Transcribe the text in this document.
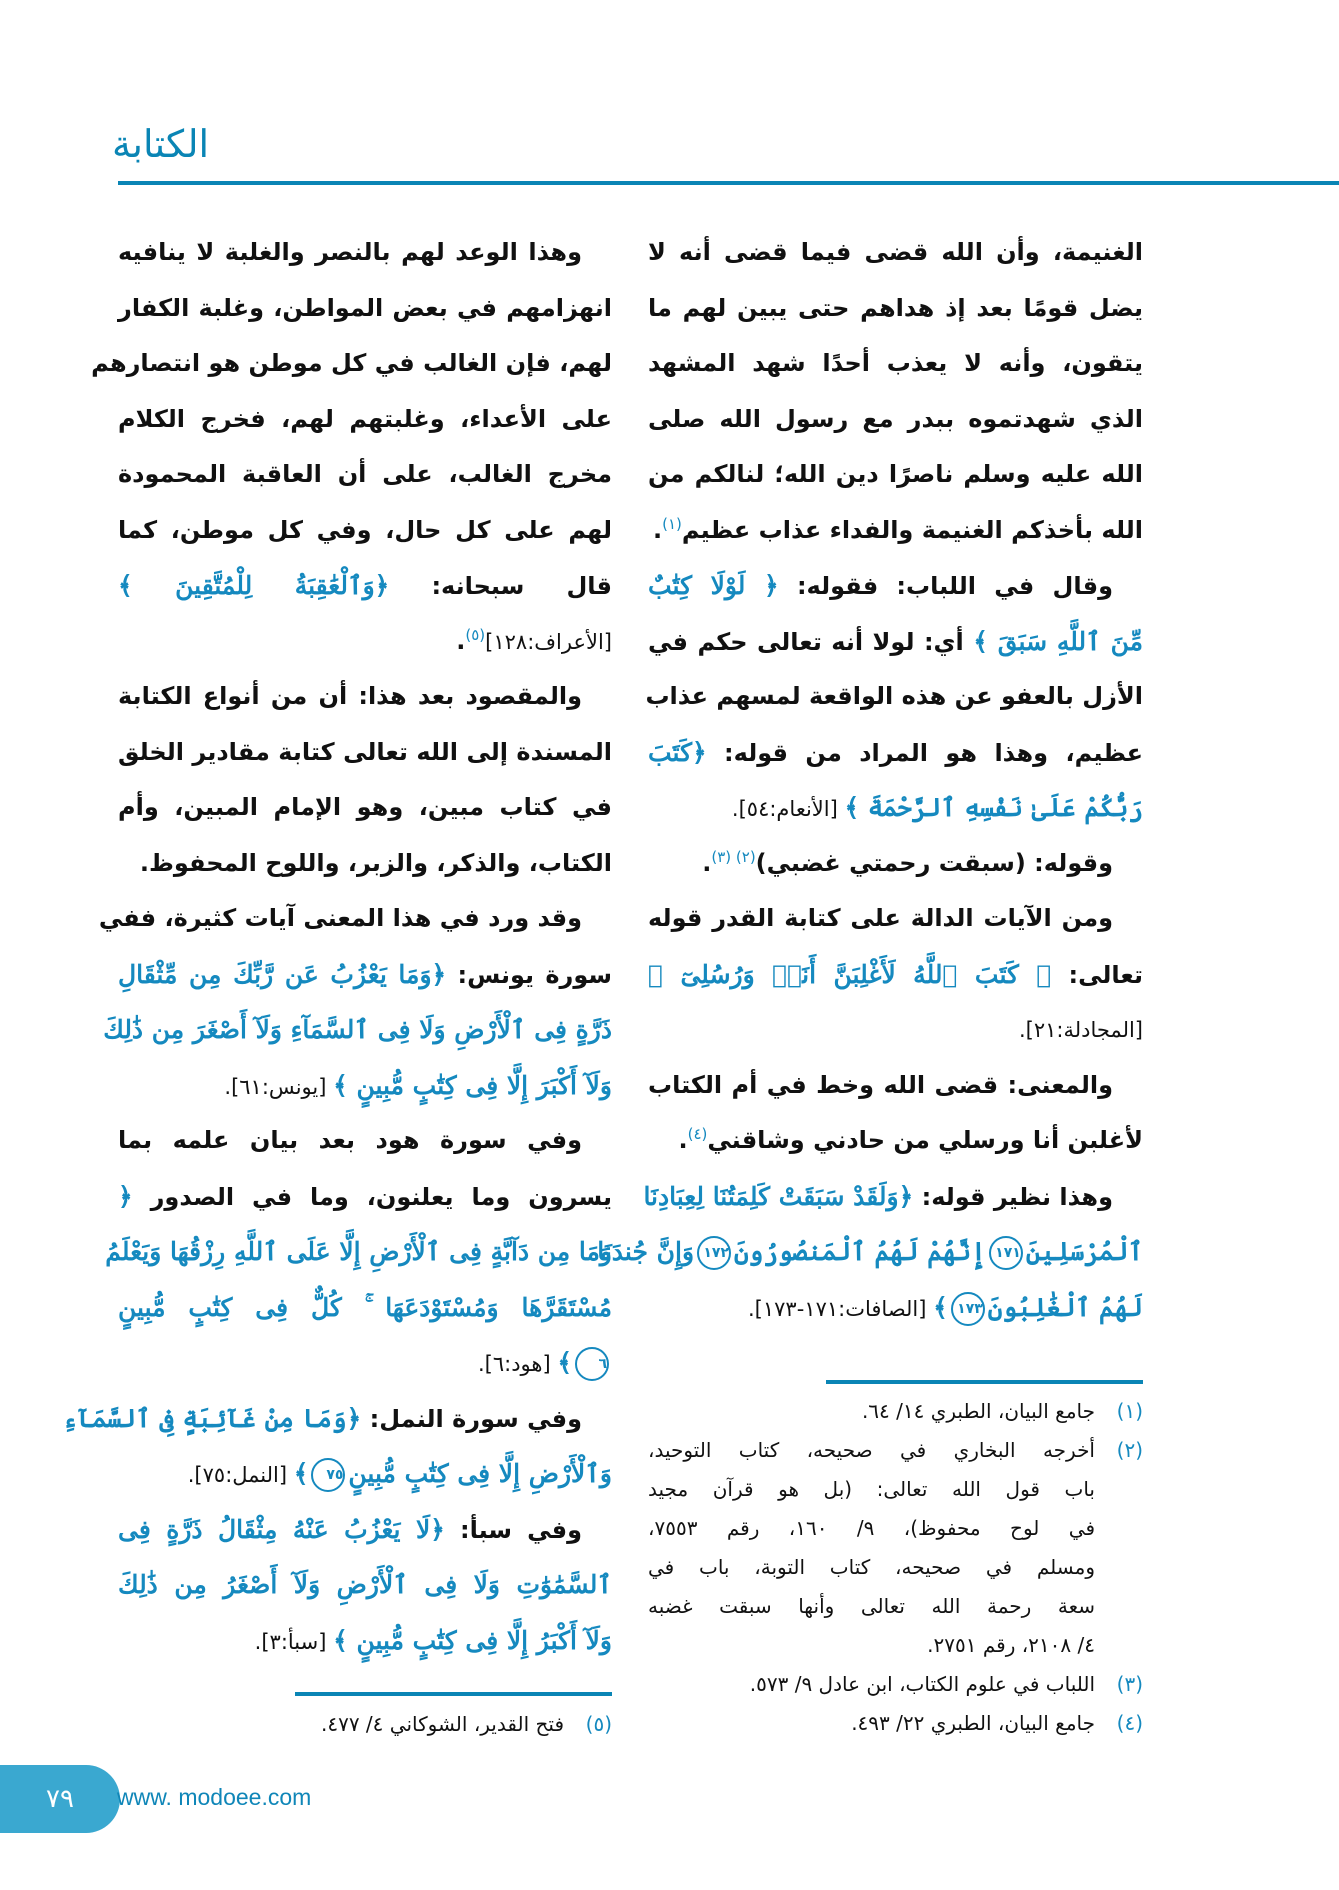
الكتابة
الغنيمة، وأن الله قضى فيما قضى أنه لا
يضل قومًا بعد إذ هداهم حتى يبين لهم ما
يتقون، وأنه لا يعذب أحدًا شهد المشهد
الذي شهدتموه ببدر مع رسول الله صلى
الله عليه وسلم ناصرًا دين الله؛ لنالكم من
الله بأخذكم الغنيمة والفداء عذاب عظيم$^{(١)}$.
وقال في اللباب: فقوله: ﴿ لَوْلَا كِتَٰبٌ
مِّنَ ٱللَّهِ سَبَقَ ﴾ أي: لولا أنه تعالى حكم في
الأزل بالعفو عن هذه الواقعة لمسهم عذاب
عظيم، وهذا هو المراد من قوله: ﴿كَتَبَ
رَبُّكُمْ عَلَىٰ نَفْسِهِ ٱلرَّحْمَةَ ﴾ [الأنعام:٥٤].
وقوله: (سبقت رحمتي غضبي)$^{(٢) (٣)}$.
ومن الآيات الدالة على كتابة القدر قوله
تعالى: ﴿ كَتَبَ ٱللَّهُ لَأَغْلِبَنَّ أَنَا۠ وَرُسُلِىٓ ﴾
[المجادلة:٢١].
والمعنى: قضى الله وخط في أم الكتاب
لأغلبن أنا ورسلي من حادني وشاقني$^{(٤)}$.
وهذا نظير قوله: ﴿وَلَقَدْ سَبَقَتْ كَلِمَتُنَا لِعِبَادِنَا
ٱلْمُرْسَلِينَ١٧١إِنَّهُمْ لَهُمُ ٱلْمَنصُورُونَ١٧٢وَإِنَّ جُندَنَا
لَهُمُ ٱلْغَٰلِبُونَ١٧٣﴾ [الصافات:١٧١-١٧٣].
وهذا الوعد لهم بالنصر والغلبة لا ينافيه
انهزامهم في بعض المواطن، وغلبة الكفار
لهم، فإن الغالب في كل موطن هو انتصارهم
على الأعداء، وغلبتهم لهم، فخرج الكلام
مخرج الغالب، على أن العاقبة المحمودة
لهم على كل حال، وفي كل موطن، كما
قال سبحانه: ﴿وَٱلْعَٰقِبَةُ لِلْمُتَّقِينَ ﴾
[الأعراف:١٢٨]$^{(٥)}$.
والمقصود بعد هذا: أن من أنواع الكتابة
المسندة إلى الله تعالى كتابة مقادير الخلق
في كتاب مبين، وهو الإمام المبين، وأم
الكتاب، والذكر، والزبر، واللوح المحفوظ.
وقد ورد في هذا المعنى آيات كثيرة، ففي
سورة يونس: ﴿وَمَا يَعْزُبُ عَن رَّبِّكَ مِن مِّثْقَالِ
ذَرَّةٍ فِى ٱلْأَرْضِ وَلَا فِى ٱلسَّمَآءِ وَلَآ أَصْغَرَ مِن ذَٰلِكَ
وَلَآ أَكْبَرَ إِلَّا فِى كِتَٰبٍ مُّبِينٍ ﴾ [يونس:٦١].
وفي سورة هود بعد بيان علمه بما
يسرون وما يعلنون، وما في الصدور ﴿
وَمَا مِن دَآبَّةٍ فِى ٱلْأَرْضِ إِلَّا عَلَى ٱللَّهِ رِزْقُهَا وَيَعْلَمُ
مُسْتَقَرَّهَا وَمُسْتَوْدَعَهَا ۚ كُلٌّ فِى كِتَٰبٍ مُّبِينٍ
٦﴾ [هود:٦].
وفي سورة النمل: ﴿وَمَا مِنْ غَآئِبَةٍ فِى ٱلسَّمَآءِ
وَٱلْأَرْضِ إِلَّا فِى كِتَٰبٍ مُّبِينٍ٧٥﴾ [النمل:٧٥].
وفي سبأ: ﴿لَا يَعْزُبُ عَنْهُ مِثْقَالُ ذَرَّةٍ فِى
ٱلسَّمَٰوَٰتِ وَلَا فِى ٱلْأَرْضِ وَلَآ أَصْغَرُ مِن ذَٰلِكَ
وَلَآ أَكْبَرُ إِلَّا فِى كِتَٰبٍ مُّبِينٍ ﴾ [سبأ:٣].
(١)
جامع البيان، الطبري ١٤/ ٦٤.
(٢)
أخرجه البخاري في صحيحه، كتاب التوحيد،
باب قول الله تعالى: (بل هو قرآن مجيد
في لوح محفوظ)، ٩/ ١٦٠، رقم ٧٥٥٣،
ومسلم في صحيحه، كتاب التوبة، باب في
سعة رحمة الله تعالى وأنها سبقت غضبه
٤/ ٢١٠٨، رقم ٢٧٥١.
(٣)
اللباب في علوم الكتاب، ابن عادل ٩/ ٥٧٣.
(٤)
جامع البيان، الطبري ٢٢/ ٤٩٣.
(٥)
فتح القدير، الشوكاني ٤/ ٤٧٧.
٧٩	www. modoee.com
